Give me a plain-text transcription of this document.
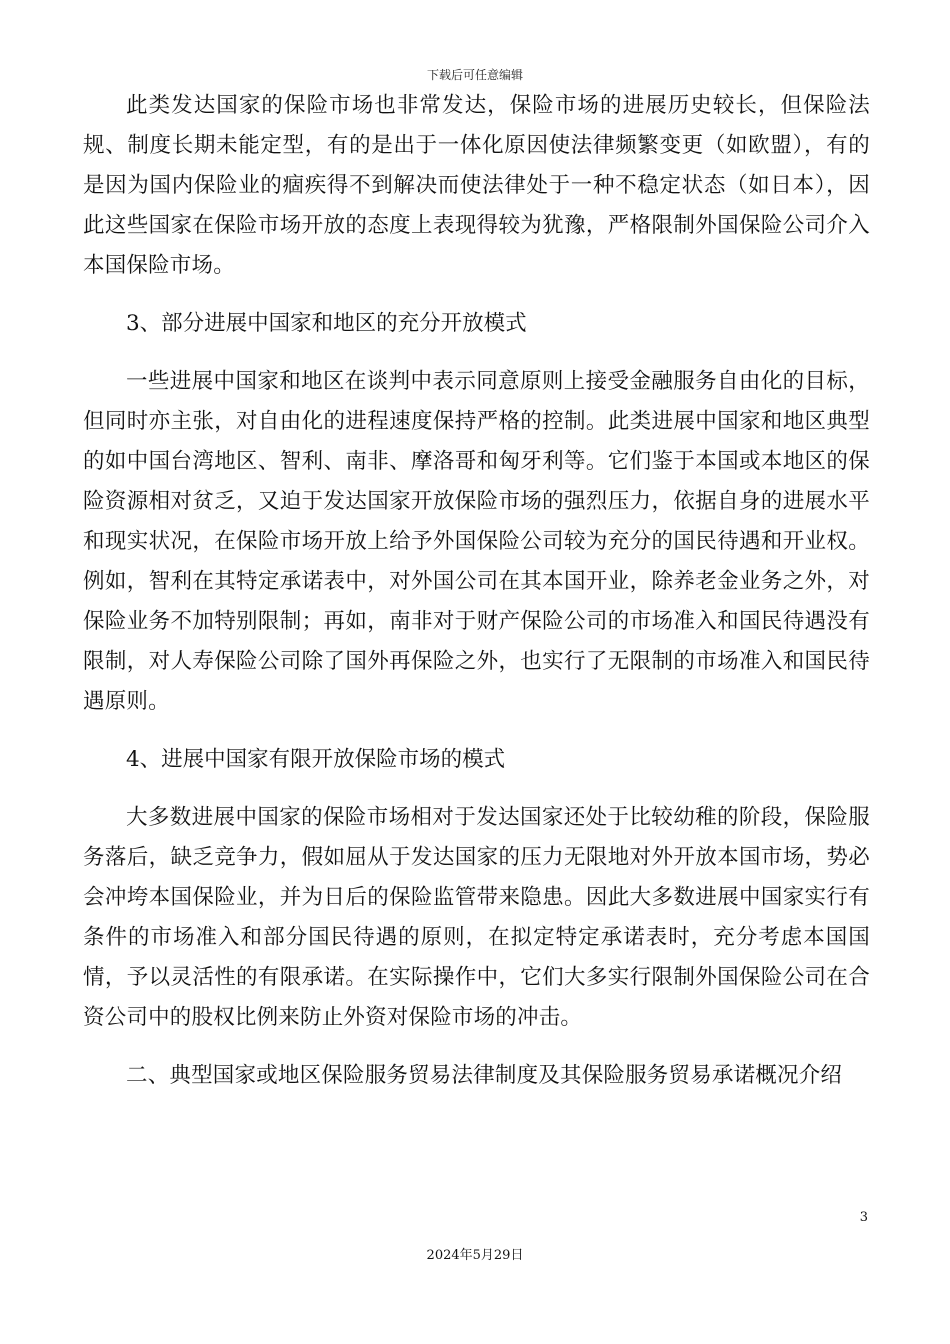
下载后可任意编辑

此类发达国家的保险市场也非常发达，保险市场的进展历史较长，但保险法规、制度长期未能定型，有的是出于一体化原因使法律频繁变更（如欧盟），有的是因为国内保险业的痼疾得不到解决而使法律处于一种不稳定状态（如日本），因此这些国家在保险市场开放的态度上表现得较为犹豫，严格限制外国保险公司介入本国保险市场。

3、部分进展中国家和地区的充分开放模式

一些进展中国家和地区在谈判中表示同意原则上接受金融服务自由化的目标，但同时亦主张，对自由化的进程速度保持严格的控制。此类进展中国家和地区典型的如中国台湾地区、智利、南非、摩洛哥和匈牙利等。它们鉴于本国或本地区的保险资源相对贫乏，又迫于发达国家开放保险市场的强烈压力，依据自身的进展水平和现实状况，在保险市场开放上给予外国保险公司较为充分的国民待遇和开业权。例如，智利在其特定承诺表中，对外国公司在其本国开业，除养老金业务之外，对保险业务不加特别限制；再如，南非对于财产保险公司的市场准入和国民待遇没有限制，对人寿保险公司除了国外再保险之外，也实行了无限制的市场准入和国民待遇原则。

4、进展中国家有限开放保险市场的模式

大多数进展中国家的保险市场相对于发达国家还处于比较幼稚的阶段，保险服务落后，缺乏竞争力，假如屈从于发达国家的压力无限地对外开放本国市场，势必会冲垮本国保险业，并为日后的保险监管带来隐患。因此大多数进展中国家实行有条件的市场准入和部分国民待遇的原则，在拟定特定承诺表时，充分考虑本国国情，予以灵活性的有限承诺。在实际操作中，它们大多实行限制外国保险公司在合资公司中的股权比例来防止外资对保险市场的冲击。

二、典型国家或地区保险服务贸易法律制度及其保险服务贸易承诺概况介绍

3
2024年5月29日
